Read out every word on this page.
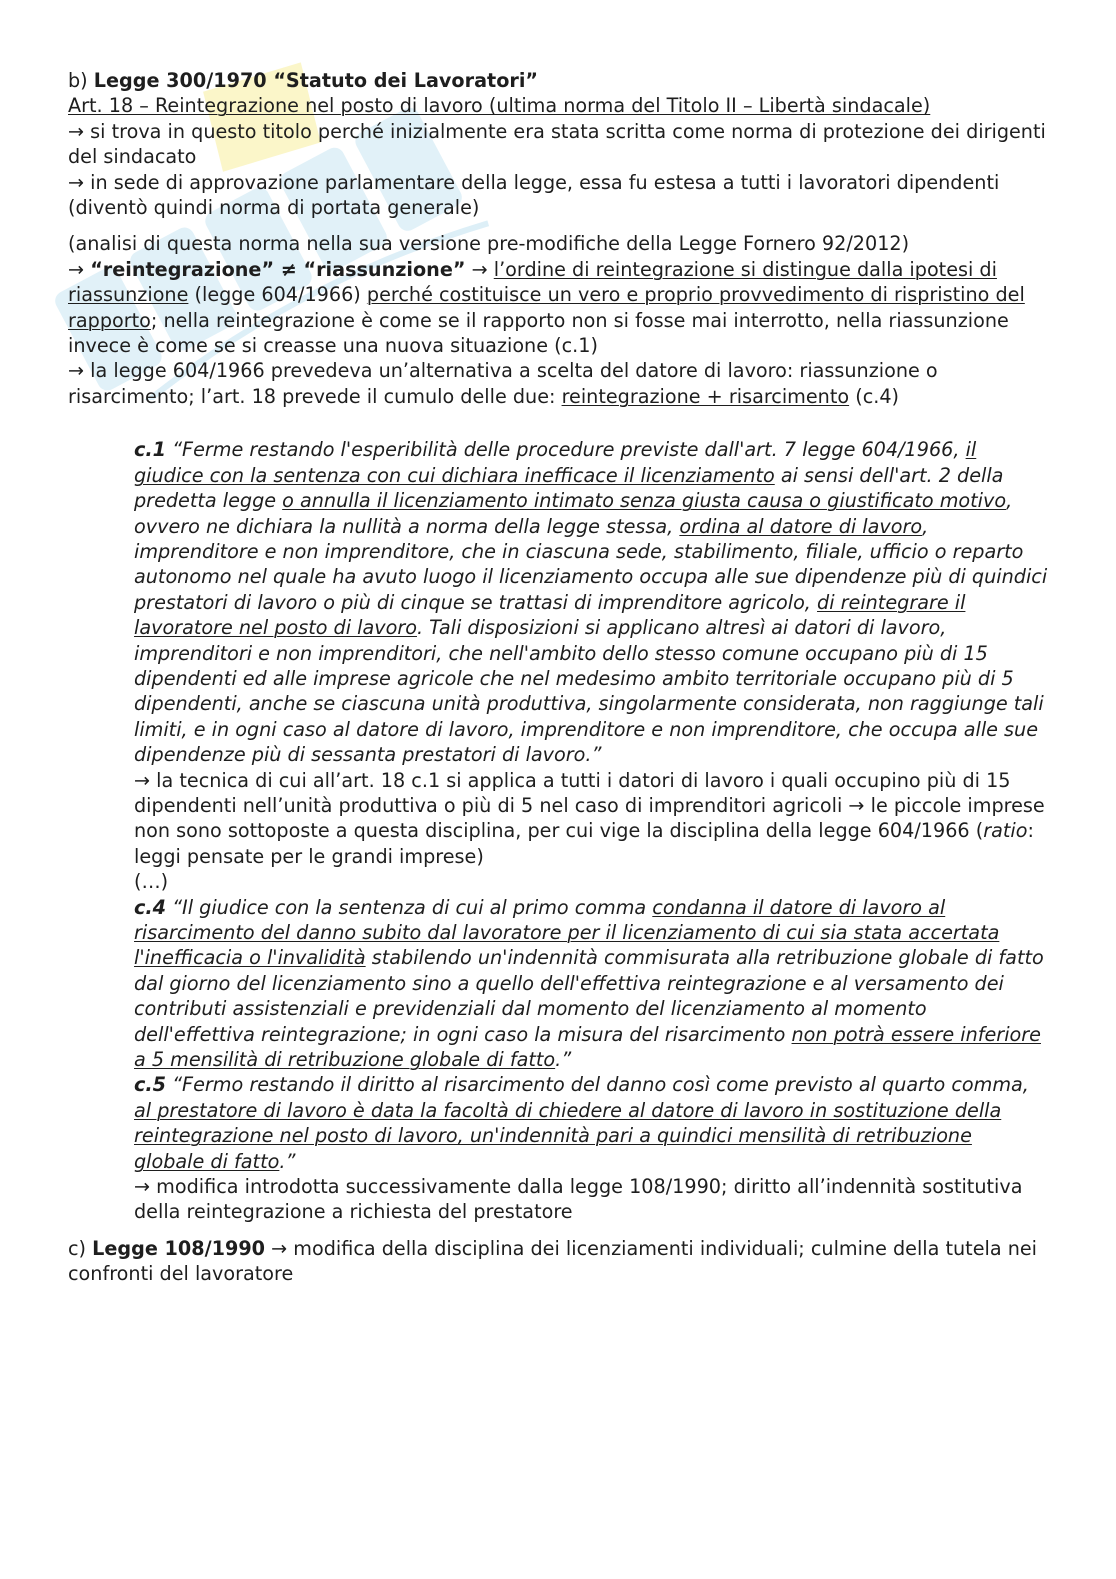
b) Legge 300/1970 “Statuto dei Lavoratori”

Art. 18 – Reintegrazione nel posto di lavoro (ultima norma del Titolo II – Libertà sindacale)

→ si trova in questo titolo perché inizialmente era stata scritta come norma di protezione dei dirigenti del sindacato

→ in sede di approvazione parlamentare della legge, essa fu estesa a tutti i lavoratori dipendenti (diventò quindi norma di portata generale)

(analisi di questa norma nella sua versione pre-modifiche della Legge Fornero 92/2012)

→ “reintegrazione” ≠ “riassunzione” → l’ordine di reintegrazione si distingue dalla ipotesi di riassunzione (legge 604/1966) perché costituisce un vero e proprio provvedimento di rispristino del rapporto; nella reintegrazione è come se il rapporto non si fosse mai interrotto, nella riassunzione invece è come se si creasse una nuova situazione (c.1)

→ la legge 604/1966 prevedeva un’alternativa a scelta del datore di lavoro: riassunzione o risarcimento; l’art. 18 prevede il cumulo delle due: reintegrazione + risarcimento (c.4)

c.1 “Ferme restando l'esperibilità delle procedure previste dall'art. 7 legge 604/1966, il giudice con la sentenza con cui dichiara inefficace il licenziamento ai sensi dell'art. 2 della predetta legge o annulla il licenziamento intimato senza giusta causa o giustificato motivo, ovvero ne dichiara la nullità a norma della legge stessa, ordina al datore di lavoro, imprenditore e non imprenditore, che in ciascuna sede, stabilimento, filiale, ufficio o reparto autonomo nel quale ha avuto luogo il licenziamento occupa alle sue dipendenze più di quindici prestatori di lavoro o più di cinque se trattasi di imprenditore agricolo, di reintegrare il lavoratore nel posto di lavoro. Tali disposizioni si applicano altresì ai datori di lavoro, imprenditori e non imprenditori, che nell'ambito dello stesso comune occupano più di 15 dipendenti ed alle imprese agricole che nel medesimo ambito territoriale occupano più di 5 dipendenti, anche se ciascuna unità produttiva, singolarmente considerata, non raggiunge tali limiti, e in ogni caso al datore di lavoro, imprenditore e non imprenditore, che occupa alle sue dipendenze più di sessanta prestatori di lavoro.”

→ la tecnica di cui all’art. 18 c.1 si applica a tutti i datori di lavoro i quali occupino più di 15 dipendenti nell’unità produttiva o più di 5 nel caso di imprenditori agricoli → le piccole imprese non sono sottoposte a questa disciplina, per cui vige la disciplina della legge 604/1966 (ratio: leggi pensate per le grandi imprese)

(…)

c.4 “Il giudice con la sentenza di cui al primo comma condanna il datore di lavoro al risarcimento del danno subito dal lavoratore per il licenziamento di cui sia stata accertata l'inefficacia o l'invalidità stabilendo un'indennità commisurata alla retribuzione globale di fatto dal giorno del licenziamento sino a quello dell'effettiva reintegrazione e al versamento dei contributi assistenziali e previdenziali dal momento del licenziamento al momento dell'effettiva reintegrazione; in ogni caso la misura del risarcimento non potrà essere inferiore a 5 mensilità di retribuzione globale di fatto.”

c.5 “Fermo restando il diritto al risarcimento del danno così come previsto al quarto comma, al prestatore di lavoro è data la facoltà di chiedere al datore di lavoro in sostituzione della reintegrazione nel posto di lavoro, un'indennità pari a quindici mensilità di retribuzione globale di fatto.”

→ modifica introdotta successivamente dalla legge 108/1990; diritto all’indennità sostitutiva della reintegrazione a richiesta del prestatore

c) Legge 108/1990 → modifica della disciplina dei licenziamenti individuali; culmine della tutela nei confronti del lavoratore
